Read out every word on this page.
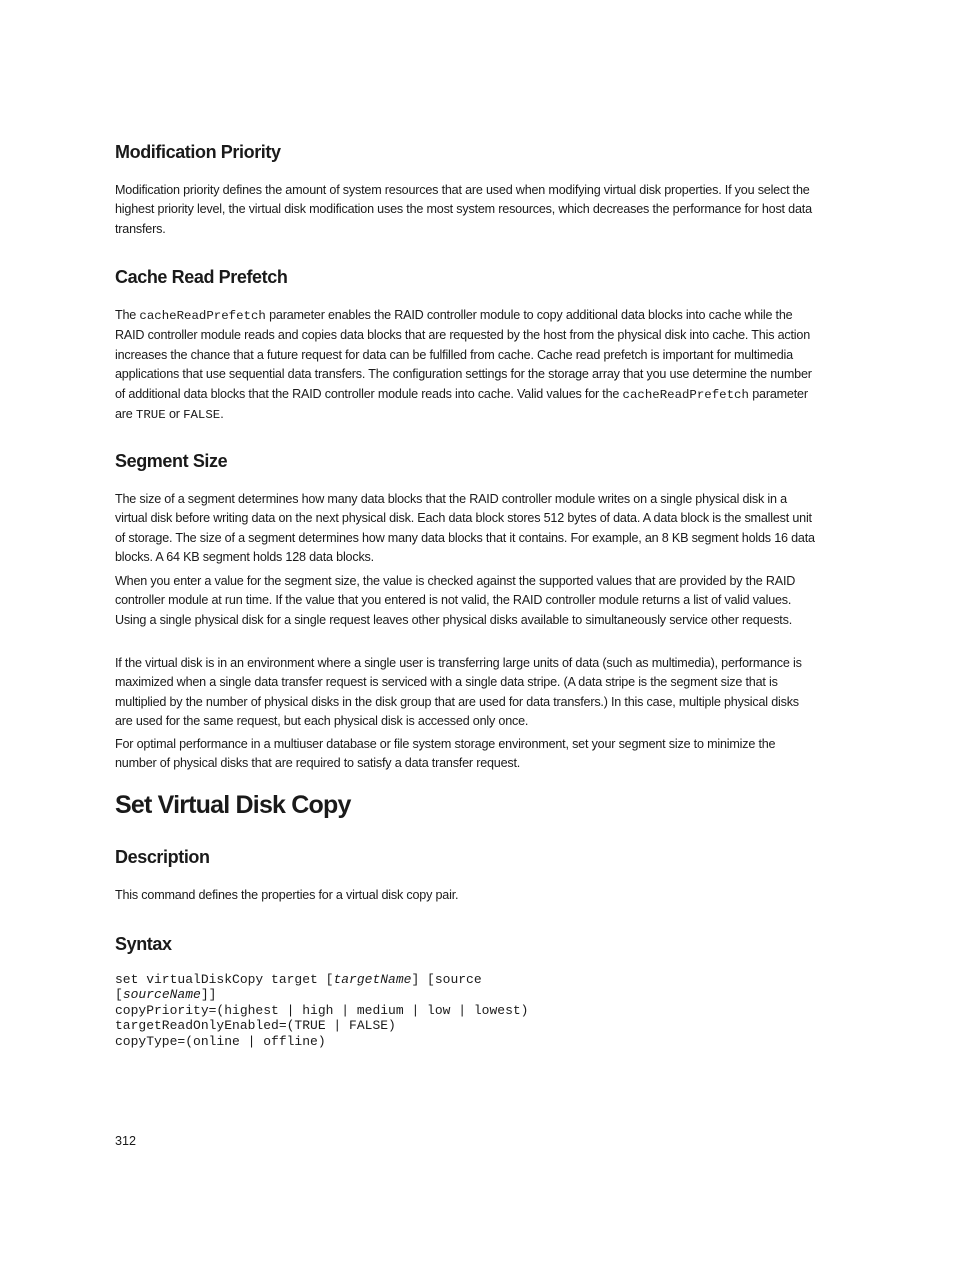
Modification Priority

Modification priority defines the amount of system resources that are used when modifying virtual disk properties. If you select the highest priority level, the virtual disk modification uses the most system resources, which decreases the performance for host data transfers.

Cache Read Prefetch

The cacheReadPrefetch parameter enables the RAID controller module to copy additional data blocks into cache while the RAID controller module reads and copies data blocks that are requested by the host from the physical disk into cache. This action increases the chance that a future request for data can be fulfilled from cache. Cache read prefetch is important for multimedia applications that use sequential data transfers. The configuration settings for the storage array that you use determine the number of additional data blocks that the RAID controller module reads into cache. Valid values for the cacheReadPrefetch parameter are TRUE or FALSE.

Segment Size

The size of a segment determines how many data blocks that the RAID controller module writes on a single physical disk in a virtual disk before writing data on the next physical disk. Each data block stores 512 bytes of data. A data block is the smallest unit of storage. The size of a segment determines how many data blocks that it contains. For example, an 8 KB segment holds 16 data blocks. A 64 KB segment holds 128 data blocks.

When you enter a value for the segment size, the value is checked against the supported values that are provided by the RAID controller module at run time. If the value that you entered is not valid, the RAID controller module returns a list of valid values. Using a single physical disk for a single request leaves other physical disks available to simultaneously service other requests.

If the virtual disk is in an environment where a single user is transferring large units of data (such as multimedia), performance is maximized when a single data transfer request is serviced with a single data stripe. (A data stripe is the segment size that is multiplied by the number of physical disks in the disk group that are used for data transfers.) In this case, multiple physical disks are used for the same request, but each physical disk is accessed only once.

For optimal performance in a multiuser database or file system storage environment, set your segment size to minimize the number of physical disks that are required to satisfy a data transfer request.

Set Virtual Disk Copy
Description

This command defines the properties for a virtual disk copy pair.

Syntax
set virtualDiskCopy target [targetName] [source
[sourceName]]
copyPriority=(highest | high | medium | low | lowest)
targetReadOnlyEnabled=(TRUE | FALSE)
copyType=(online | offline)
312
